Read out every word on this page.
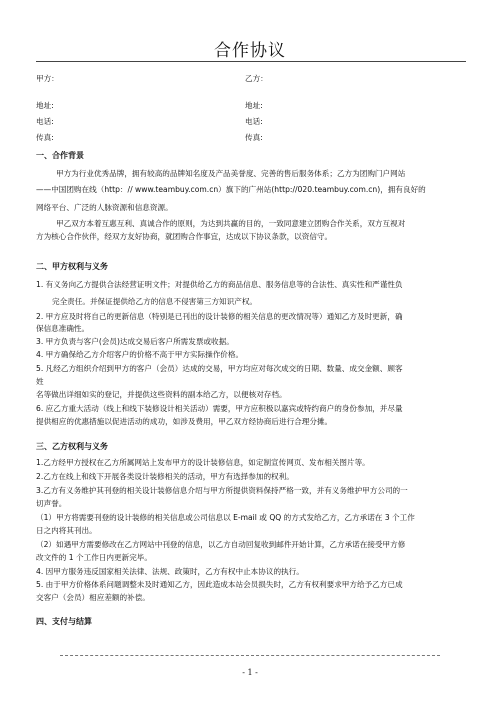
合作协议
甲方：	乙方：
地址:	地址:
电话:	电话:
传真:	传真:
一、合作背景
甲方为行业优秀品牌，拥有较高的品牌知名度及产品美誉度、完善的售后服务体系；乙方为团购门户网站
——中国团购在线（http：// www.teambuy.com.cn）旗下的广州站(http://020.teambuy.com.cn)，拥有良好的
网络平台、广泛的人脉资源和信息资源。
甲乙双方本着互惠互利、真诚合作的原则，为达到共赢的目的，一致同意建立团购合作关系，双方互视对
方为核心合作伙伴，经双方友好协商，就团购合作事宜，达成以下协议条款，以资信守。
二、甲方权利与义务
1. 有义务向乙方提供合法经营证明文件；对提供给乙方的商品信息、服务信息等的合法性、真实性和严谨性负
完全责任。并保证提供给乙方的信息不侵害第三方知识产权。
2. 甲方应及时将自己的更新信息（特别是已刊出的设计装修的相关信息的更改情况等）通知乙方及时更新，确
保信息准确性。
3. 甲方负责与客户(会员)达成交易后客户所需发票或收据。
4. 甲方确保给乙方介绍客户的价格不高于甲方实际操作价格。
5. 凡经乙方组织介绍到甲方的客户（会员）达成的交易，甲方均应对每次成交的日期、数量、成交金额、顾客
姓
名等做出详细如实的登记，并提供这些资料的副本给乙方，以便核对存档。
6. 应乙方重大活动（线上和线下装修设计相关活动）需要，甲方应积极以嘉宾或特约商户的身份参加，并尽量
提供相应的优惠措施以促进活动的成功，如涉及费用，甲乙双方经协商后进行合理分摊。
三、乙方权利与义务
1.乙方经甲方授权在乙方所属网站上发布甲方的设计装修信息，如定制宣传网页、发布相关图片等。
2.乙方在线上和线下开展各类设计装修相关的活动，甲方有选择参加的权利。
3.乙方有义务维护其刊登的相关设计装修信息介绍与甲方所提供资料保持严格一致，并有义务维护甲方公司的一
切声誉。
（1）甲方将需要刊登的设计装修的相关信息或公司信息以 E-mail 或 QQ 的方式发给乙方，乙方承诺在 3 个工作
日之内将其刊出。
（2）如遇甲方需要修改在乙方网站中刊登的信息，以乙方自动回复收到邮件开始计算，乙方承诺在接受甲方修
改文件的 1 个工作日内更新完毕。
4. 因甲方服务违反国家相关法律、法规、政策时，乙方有权中止本协议的执行。
5. 由于甲方价格体系问题调整未及时通知乙方，因此造成本站会员损失时，乙方有权利要求甲方给予乙方已成
交客户（会员）相应差额的补偿。
四、支付与结算
- 1 -
